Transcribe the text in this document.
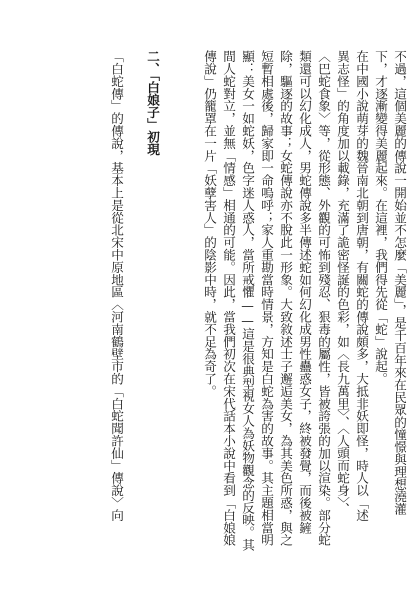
不過，這個美麗的傳說一開始並不怎麼「美麗」，是千百年來在民眾的憧憬與理想澆灌
下，才逐漸變得美麗起來。在這裡，我們得先從「蛇」說起。
在中國小說萌芽的魏晉南北朝到唐朝，有關蛇的傳說頗多，大抵非妖即怪，時人以「述
異志怪」的角度加以載錄，充滿了詭密怪誕的色彩，如〈長九萬里〉、〈人頭而蛇身〉、
〈巴蛇食象〉等，從形態、外觀的可怖到殘忍、狠毒的屬性，皆被誇張的加以渲染。部分蛇
類還可以幻化成人，男蛇傳說多半傳述蛇如何幻化成男性蠱惑女子，終被發覺，而後被鏟
除，驅逐的故事；女蛇傳說亦不脫此一形象。大致敘述士子邂逅美女，為其美色所惑，與之
短暫相處後，歸家即一命嗚呼；家人重勘當時情景，方知是白蛇為害的故事。其主題相當明
顯：美女一如蛇妖，色字迷人惑人，當所戒懼——這是很典型視女人為妖物觀念的反映。其
間人蛇對立，並無「情感」相通的可能。因此，當我們初次在宋代話本小說中看到「白娘娘
傳說」仍籠罩在一片「妖孽害人」的陰影中時，就不足為奇了。
二、「白娘子」初現
「白蛇傳」的傳說，基本上是從北宋中原地區〈河南鶴壁市的「白蛇聞許仙」傳說〉向
